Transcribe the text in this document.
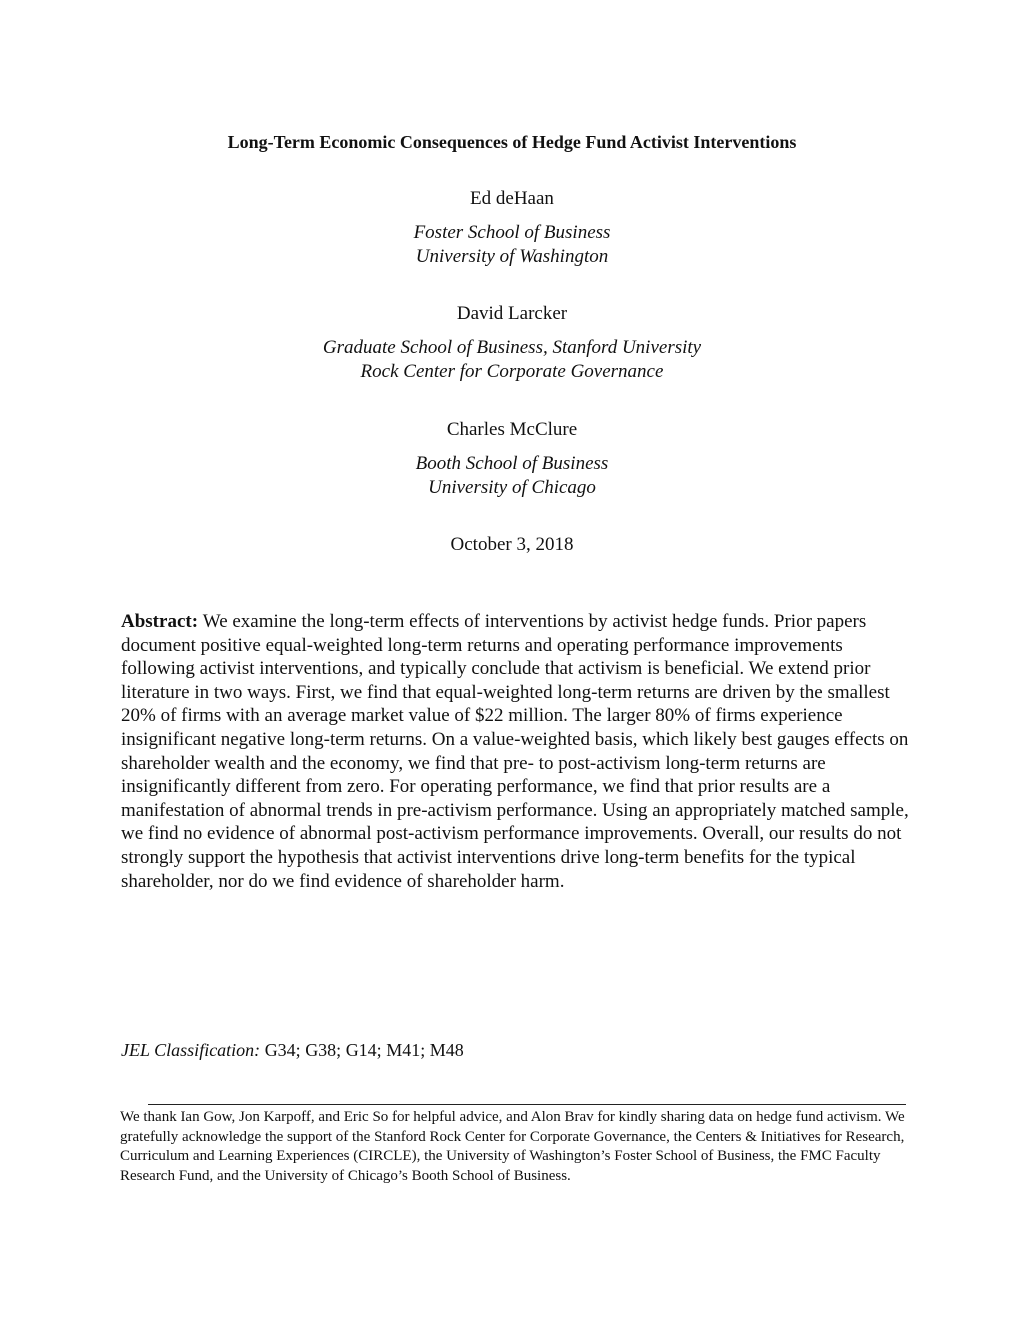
Long-Term Economic Consequences of Hedge Fund Activist Interventions
Ed deHaan
Foster School of Business
University of Washington
David Larcker
Graduate School of Business, Stanford University
Rock Center for Corporate Governance
Charles McClure
Booth School of Business
University of Chicago
October 3, 2018
Abstract: We examine the long-term effects of interventions by activist hedge funds. Prior papers document positive equal-weighted long-term returns and operating performance improvements following activist interventions, and typically conclude that activism is beneficial. We extend prior literature in two ways. First, we find that equal-weighted long-term returns are driven by the smallest 20% of firms with an average market value of $22 million. The larger 80% of firms experience insignificant negative long-term returns. On a value-weighted basis, which likely best gauges effects on shareholder wealth and the economy, we find that pre- to post-activism long-term returns are insignificantly different from zero. For operating performance, we find that prior results are a manifestation of abnormal trends in pre-activism performance. Using an appropriately matched sample, we find no evidence of abnormal post-activism performance improvements. Overall, our results do not strongly support the hypothesis that activist interventions drive long-term benefits for the typical shareholder, nor do we find evidence of shareholder harm.
JEL Classification: G34; G38; G14; M41; M48
We thank Ian Gow, Jon Karpoff, and Eric So for helpful advice, and Alon Brav for kindly sharing data on hedge fund activism. We gratefully acknowledge the support of the Stanford Rock Center for Corporate Governance, the Centers & Initiatives for Research, Curriculum and Learning Experiences (CIRCLE), the University of Washington’s Foster School of Business, the FMC Faculty Research Fund, and the University of Chicago’s Booth School of Business.
